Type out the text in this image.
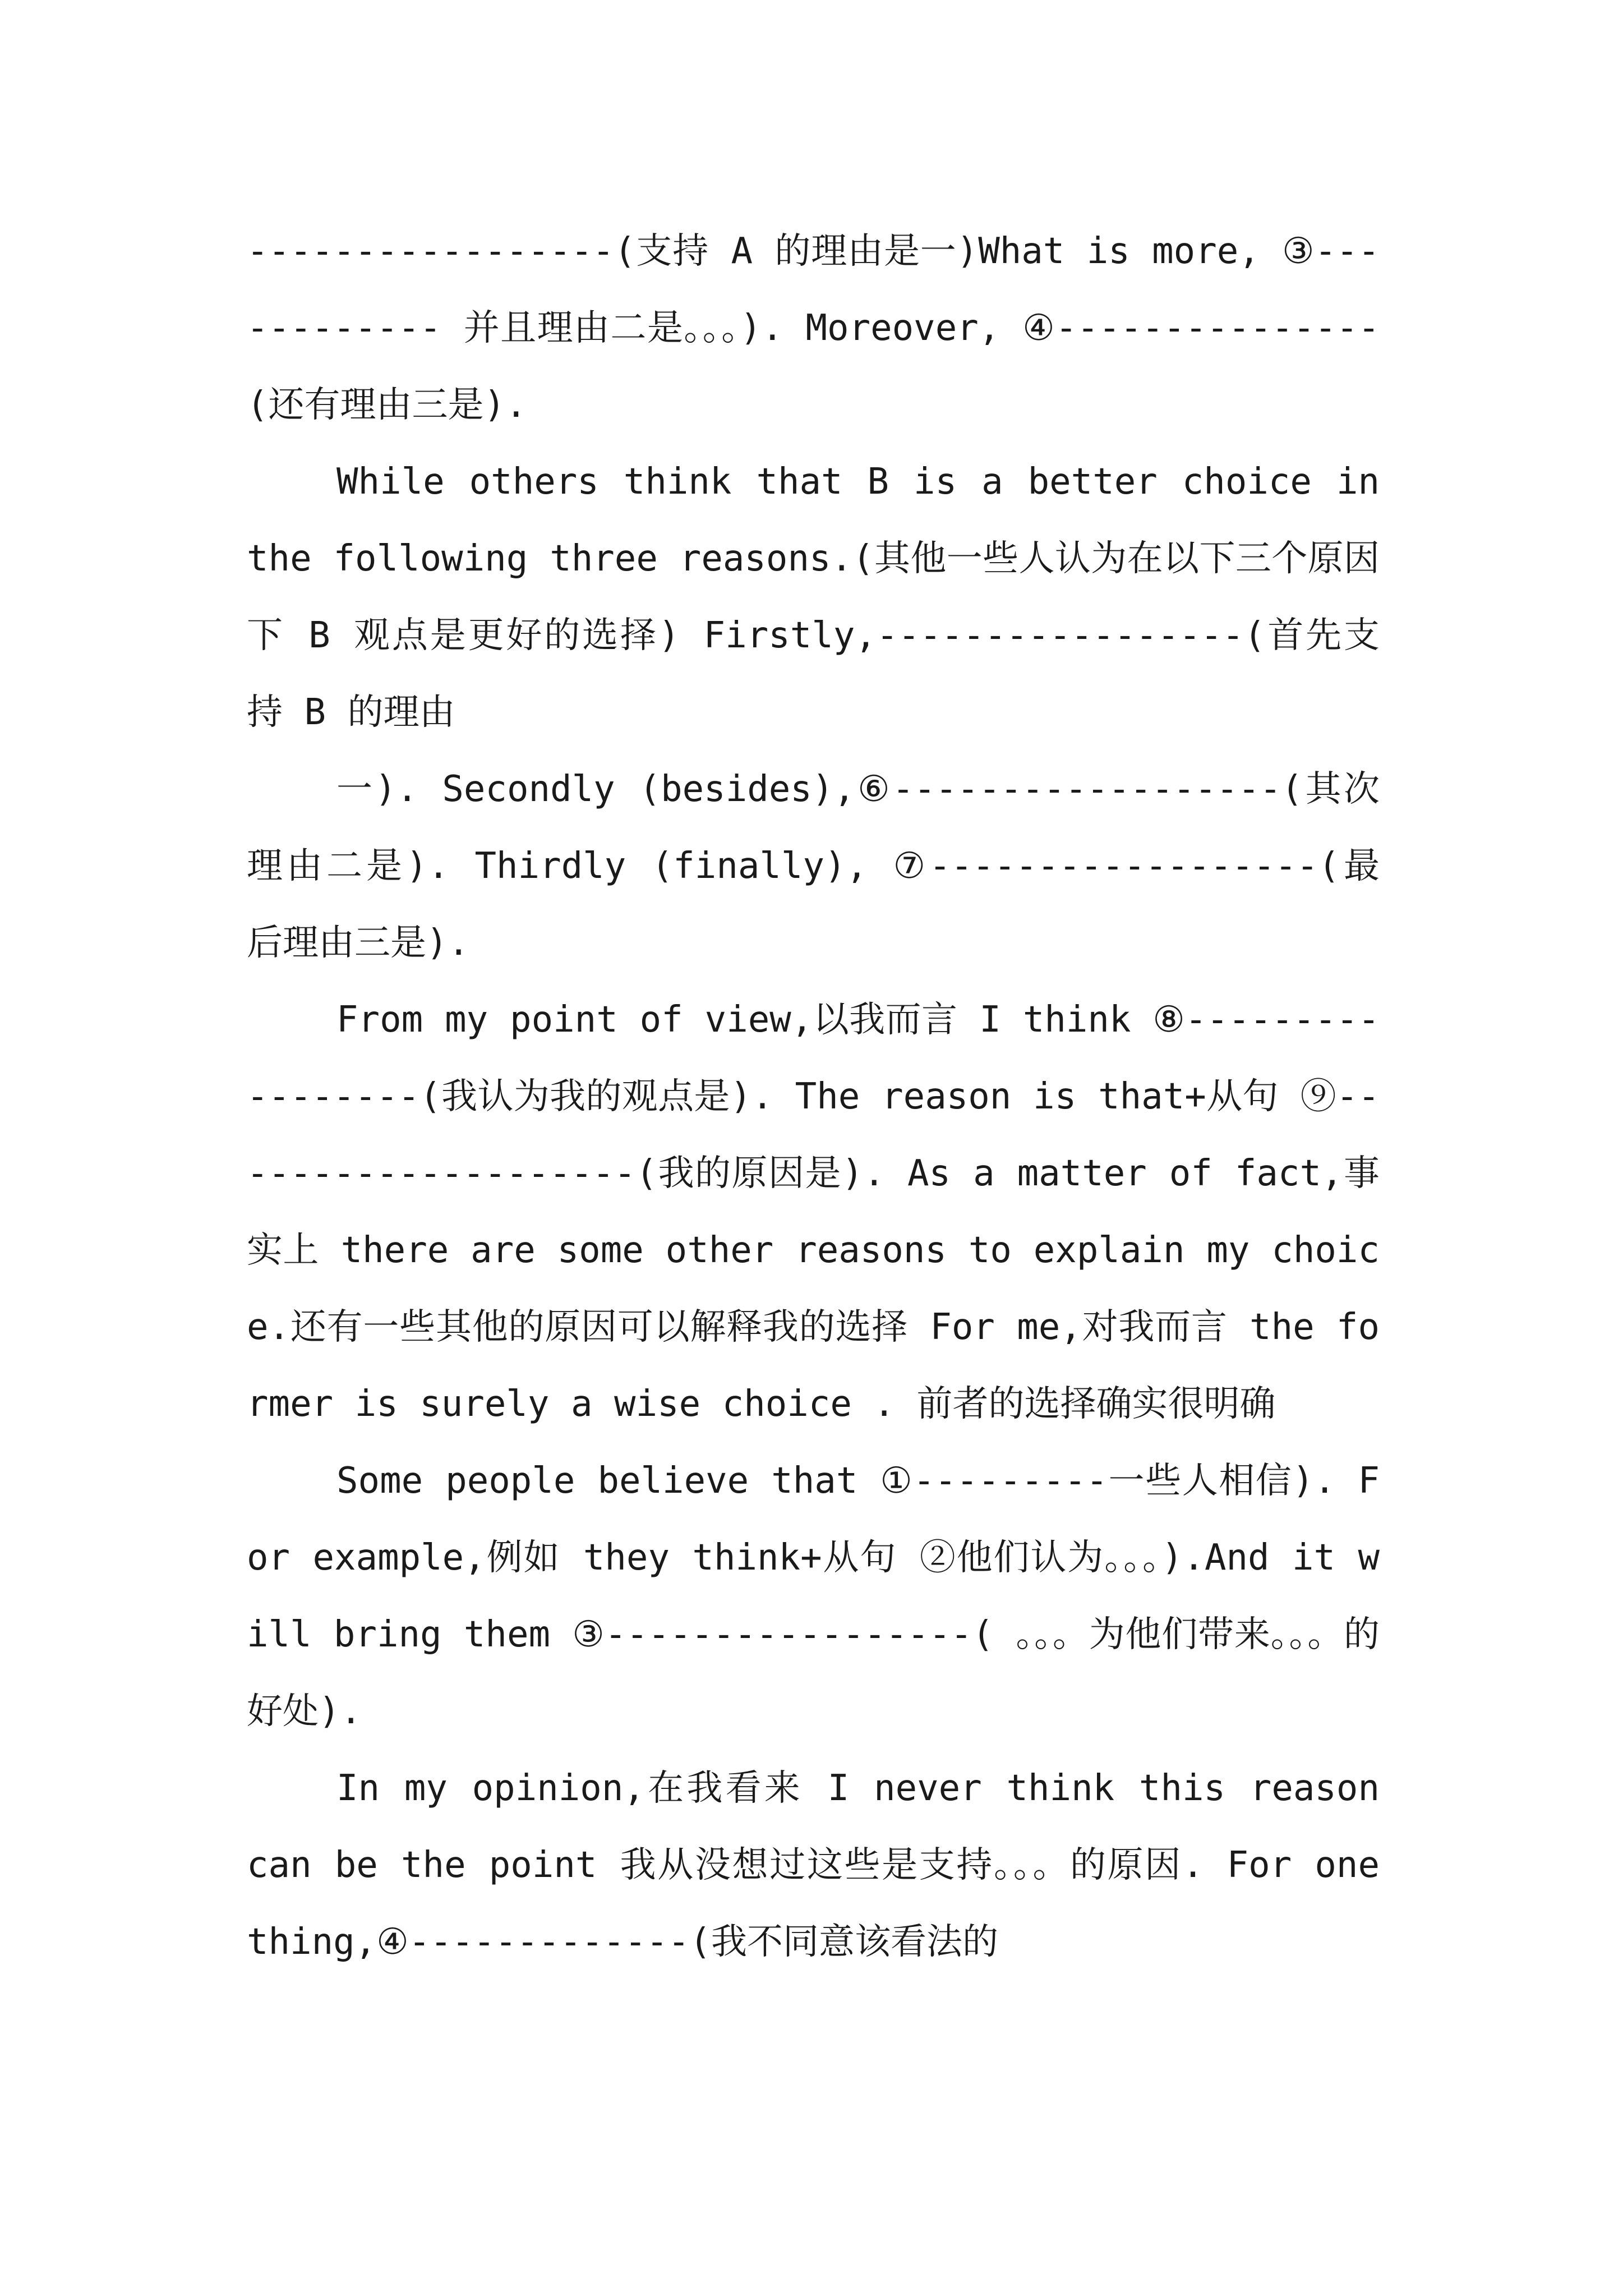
-----------------(支持 A 的理由是一)What is more, ③------------ 并且理由二是。。。). Moreover, ④---------------(还有理由三是).

While others think that B is a better choice in the following three reasons.(其他一些人认为在以下三个原因下 B 观点是更好的选择) Firstly,-----------------(首先支持 B 的理由

一). Secondly (besides),⑥------------------(其次理由二是). Thirdly (finally), ⑦------------------(最后理由三是).

From my point of view,以我而言 I think ⑧-----------------(我认为我的观点是). The reason is that+从句 ⑨--------------------(我的原因是). As a matter of fact,事实上 there are some other reasons to explain my choice.还有一些其他的原因可以解释我的选择 For me,对我而言 the former is surely a wise choice . 前者的选择确实很明确

Some people believe that ①---------一些人相信). For example,例如 they think+从句 ②他们认为。。。).And it will bring them ③-----------------( 。。。为他们带来。。。的好处).

In my opinion,在我看来 I never think this reason can be the point 我从没想过这些是支持。。。的原因. For one thing,④-------------(我不同意该看法的
